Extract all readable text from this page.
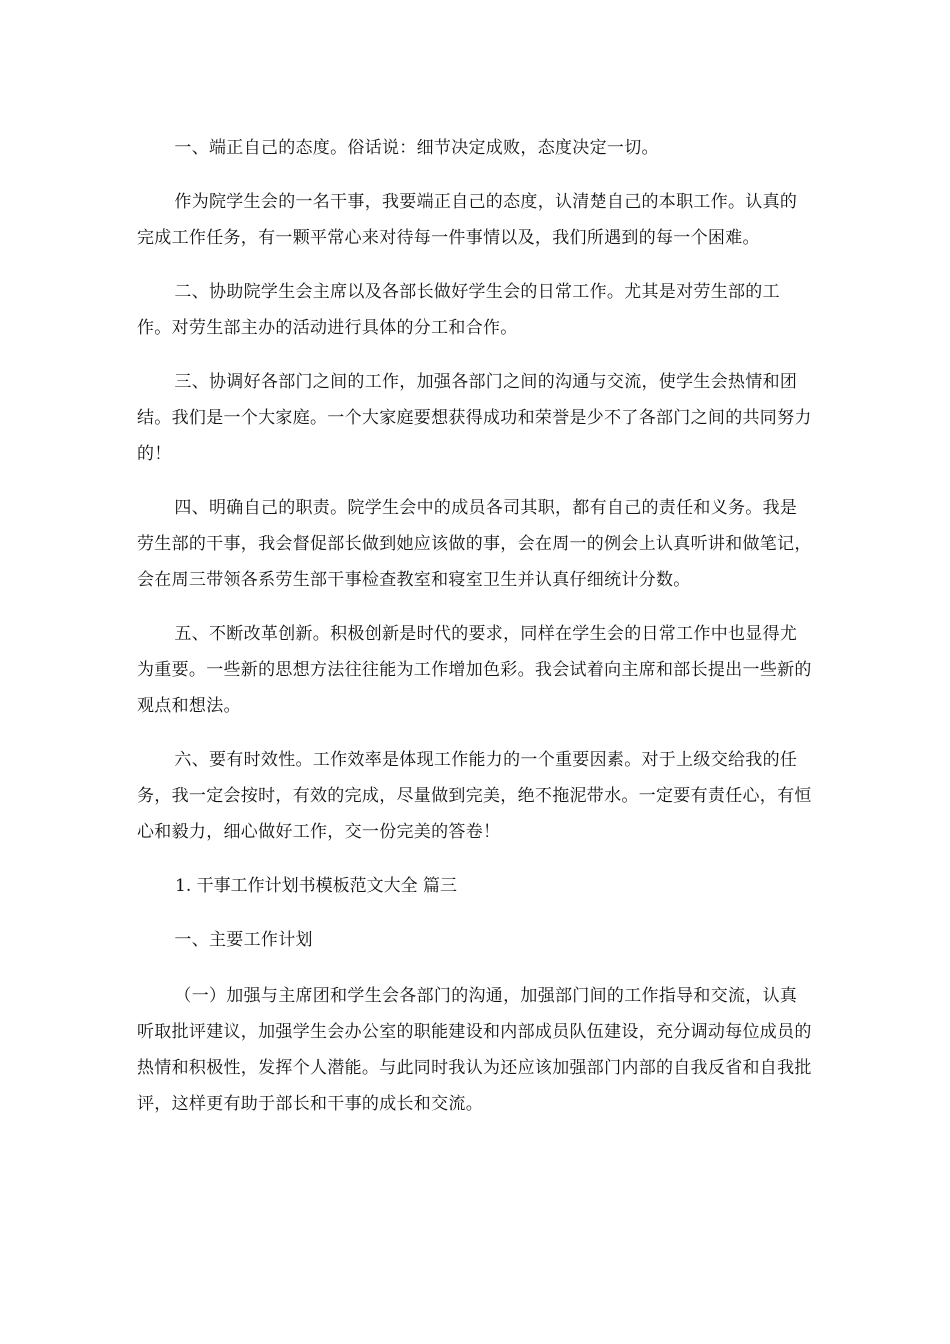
一、端正自己的态度。俗话说：细节决定成败，态度决定一切。

作为院学生会的一名干事，我要端正自己的态度，认清楚自己的本职工作。认真的完成工作任务，有一颗平常心来对待每一件事情以及，我们所遇到的每一个困难。

二、协助院学生会主席以及各部长做好学生会的日常工作。尤其是对劳生部的工作。对劳生部主办的活动进行具体的分工和合作。

三、协调好各部门之间的工作，加强各部门之间的沟通与交流，使学生会热情和团结。我们是一个大家庭。一个大家庭要想获得成功和荣誉是少不了各部门之间的共同努力的！

四、明确自己的职责。院学生会中的成员各司其职，都有自己的责任和义务。我是劳生部的干事，我会督促部长做到她应该做的事，会在周一的例会上认真听讲和做笔记，会在周三带领各系劳生部干事检查教室和寝室卫生并认真仔细统计分数。

五、不断改革创新。积极创新是时代的要求，同样在学生会的日常工作中也显得尤为重要。一些新的思想方法往往能为工作增加色彩。我会试着向主席和部长提出一些新的观点和想法。

六、要有时效性。工作效率是体现工作能力的一个重要因素。对于上级交给我的任务，我一定会按时，有效的完成，尽量做到完美，绝不拖泥带水。一定要有责任心，有恒心和毅力，细心做好工作，交一份完美的答卷！

1. 干事工作计划书模板范文大全 篇三

一、主要工作计划

（一）加强与主席团和学生会各部门的沟通，加强部门间的工作指导和交流，认真听取批评建议，加强学生会办公室的职能建设和内部成员队伍建设，充分调动每位成员的热情和积极性，发挥个人潜能。与此同时我认为还应该加强部门内部的自我反省和自我批评，这样更有助于部长和干事的成长和交流。
